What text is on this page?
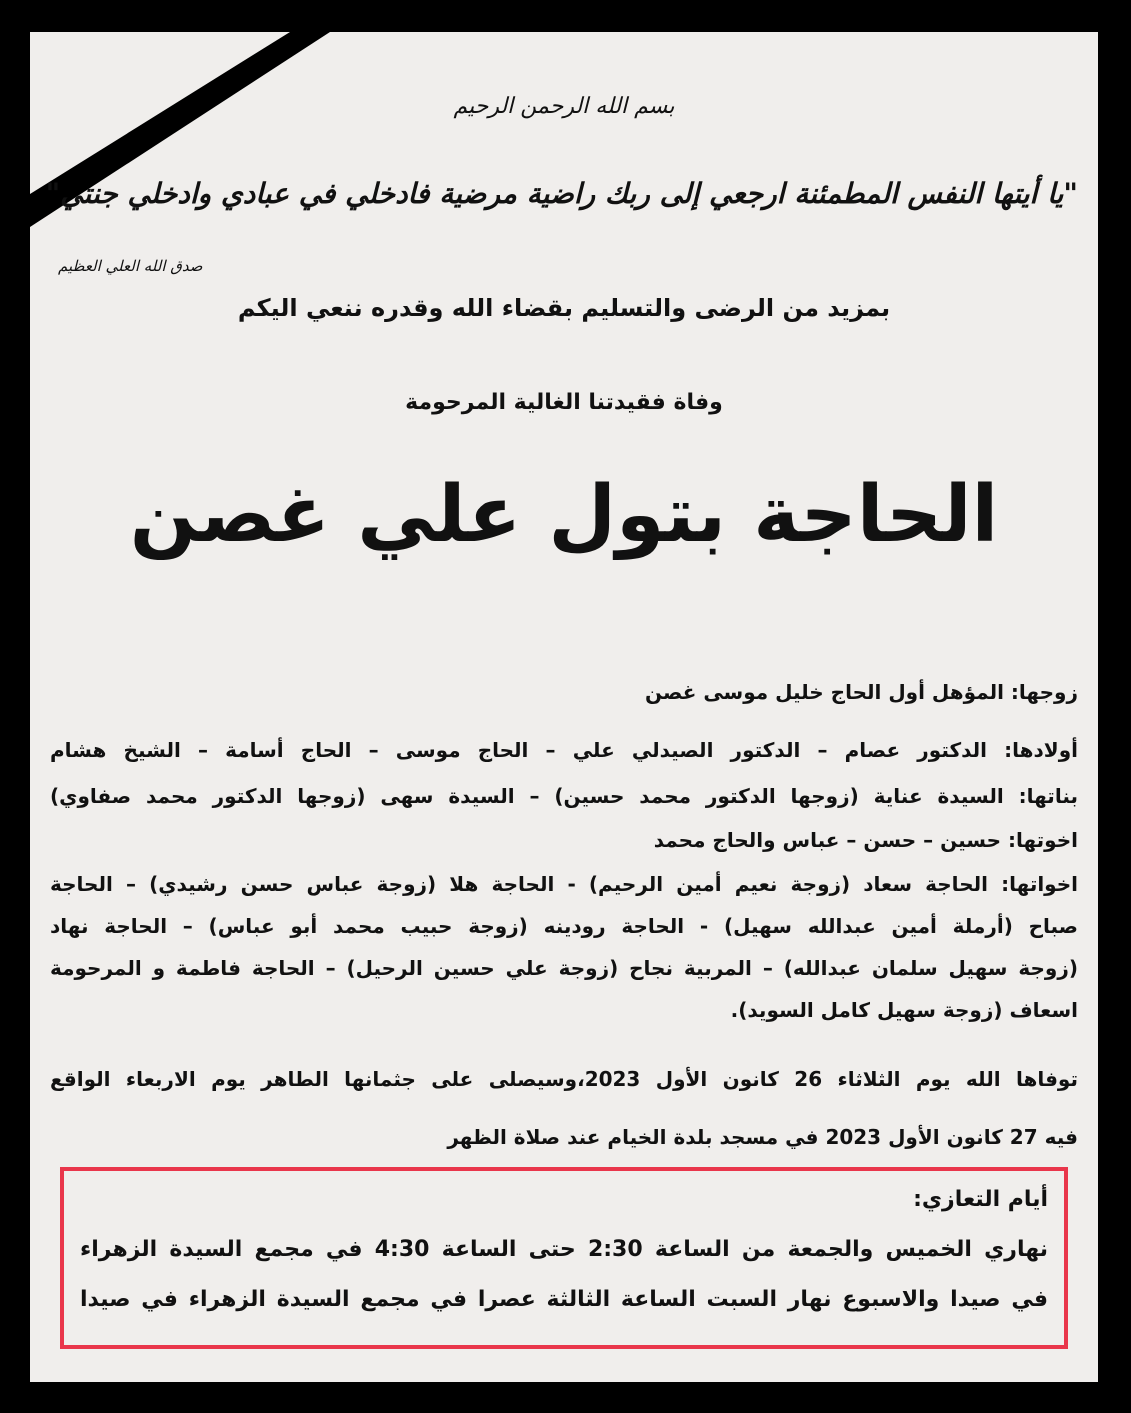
بسم الله الرحمن الرحيم
"يا أيتها النفس المطمئنة ارجعي إلى ربك راضية مرضية فادخلي في عبادي وادخلي جنتي"
صدق الله العلي العظيم
بمزيد من الرضى والتسليم بقضاء الله وقدره ننعي اليكم
وفاة فقيدتنا الغالية المرحومة
الحاجة بتول علي غصن
زوجها: المؤهل أول الحاج خليل موسى غصن
أولادها: الدكتور عصام – الدكتور الصيدلي علي – الحاج موسى – الحاج أسامة – الشيخ هشام
بناتها: السيدة عناية (زوجها الدكتور محمد حسين) – السيدة سهى (زوجها الدكتور محمد صفاوي)
اخوتها: حسين – حسن – عباس والحاج محمد
اخواتها: الحاجة سعاد (زوجة نعيم أمين الرحيم) - الحاجة هلا (زوجة عباس حسن رشيدي) – الحاجة
صباح (أرملة أمين عبدالله سهيل) - الحاجة رودينه (زوجة حبيب محمد أبو عباس) – الحاجة نهاد
(زوجة سهيل سلمان عبدالله) – المربية نجاح (زوجة علي حسين الرحيل) – الحاجة فاطمة و المرحومة
اسعاف (زوجة سهيل كامل السويد).
توفاها الله يوم الثلاثاء 26 كانون الأول 2023،وسيصلى على جثمانها الطاهر يوم الاربعاء الواقع
فيه 27 كانون الأول 2023 في مسجد بلدة الخيام عند صلاة الظهر
أيام التعازي:
نهاري الخميس والجمعة من الساعة 2:30 حتى الساعة 4:30 في مجمع السيدة الزهراء
في صيدا والاسبوع نهار السبت الساعة الثالثة عصرا في مجمع السيدة الزهراء في صيدا
